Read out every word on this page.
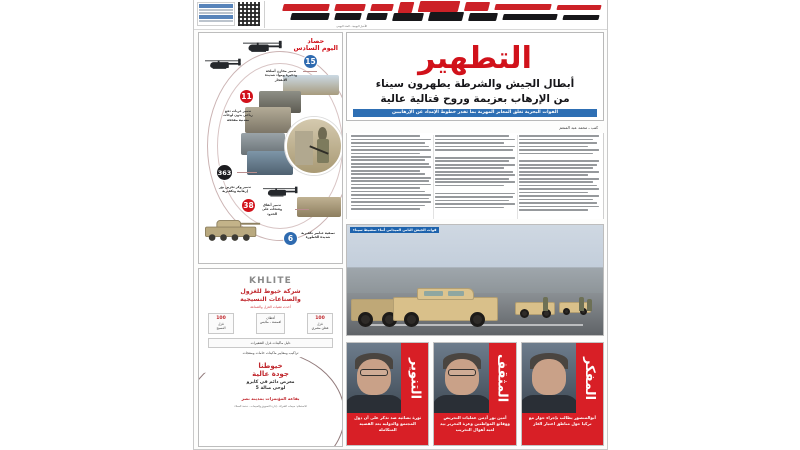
الأخبار اليومية - العدد اليومى
التطهير
أبطال الجيش والشرطة يطهرون سيناء
من الإرهاب بعزيمة وروح قتالية عالية
القوات البحرية تغلق المعابر المهربة بما تقدر خطوط الإمداد عن الإرهابيين
كتب ـ محمد عبد المنعم
قوات الجيش الثاني الميداني أثناء تمشيط سيناء
المفكر
أبوالمنصور يطالب بإجراء حوار مع تركيا حول مناطق اعتبار الغاز
المثقف
أمين نور أدمن عمليات التحريض ووقائع المواطنين وعزة التحرير بيد لعبة أهوال التخريب
التنوير
ثورة بصائية ضد تذكر على أن دول المجتمع والدولية بعد القضية المتكاملة
حصاد
اليوم السادس
15
تدمير مخازن أسلحة وذخيرة ومواد شديدة الانفجار
11
تدمير عربات دفع رباعي بدون لوحات معدنية مفخخة
363
تدمير وكر تخزين بؤر إرهابية وتكفيرية
38	تدمير أنفاق وفتحات على الحدود
6
تصفية عناصر تكفيرية شديدة الخطورة
KHLITE
شركة خيوط للغزول
والصناعات النسيجية
أحدث تقنيات الغزل والصناعة
100
غزل
النسيج
أقطان
اقمشة - ملابس
100
غزل
قطن مصري
دليل ماكينات غزل الشعيرات
تراكيب ومعايير ماكينات خامات ومنتجات
خيوطنا
جودة عالية
معرض دائم في كايرو
لوحى صالة 5
بقاعة المؤتمرات بمدينة نصر
للاستعلام: مبيعات الشركة - إدارة التسويق والمبيعات - خدمة العملاء
